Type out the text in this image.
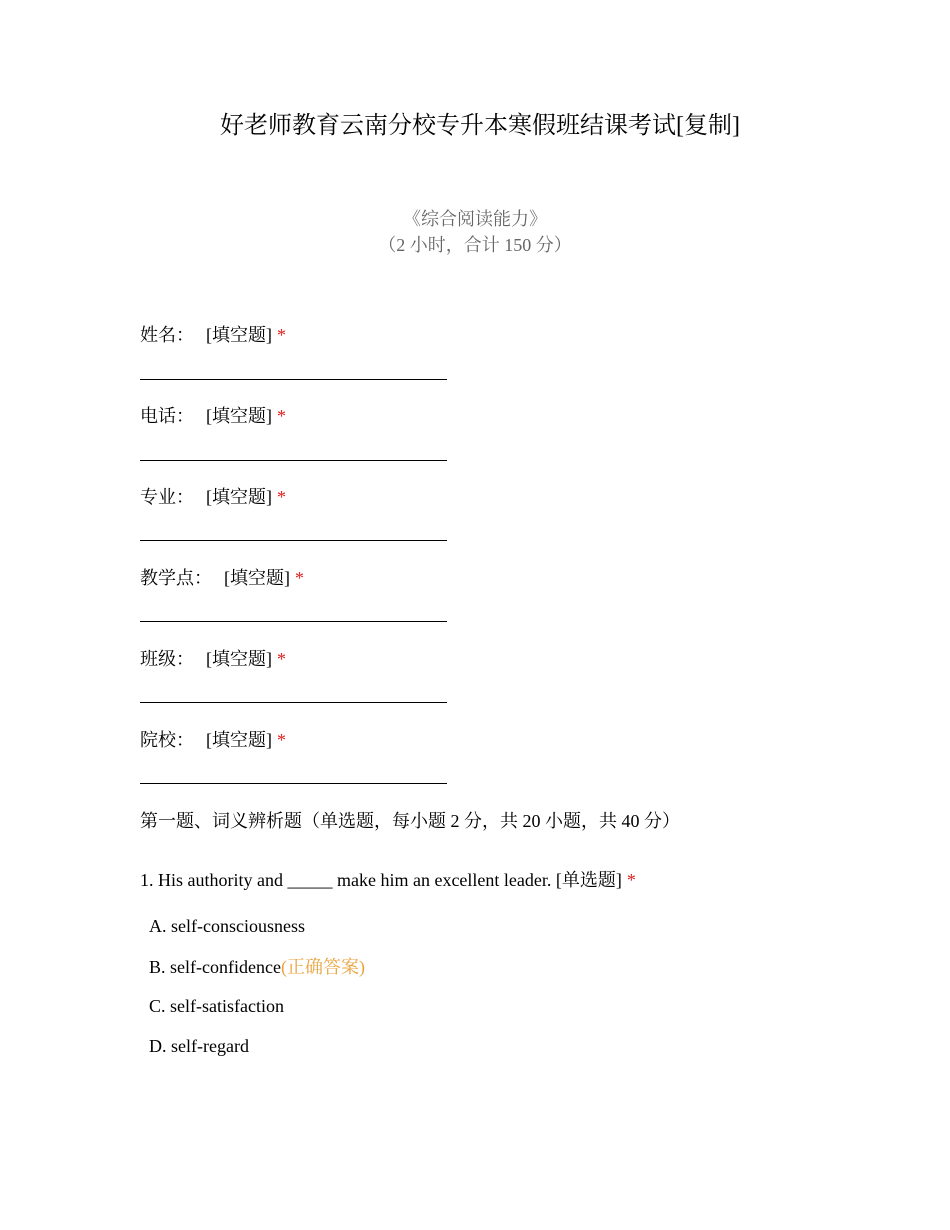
好老师教育云南分校专升本寒假班结课考试[复制]
《综合阅读能力》
（2 小时，合计 150 分）
姓名： [填空题] *
电话： [填空题] *
专业： [填空题] *
教学点： [填空题] *
班级： [填空题] *
院校： [填空题] *
第一题、词义辨析题（单选题，每小题 2 分，共 20 小题，共 40 分）
1. His authority and _____ make him an excellent leader. [单选题] *
A. self-consciousness
B. self-confidence(正确答案)
C. self-satisfaction
D. self-regard
